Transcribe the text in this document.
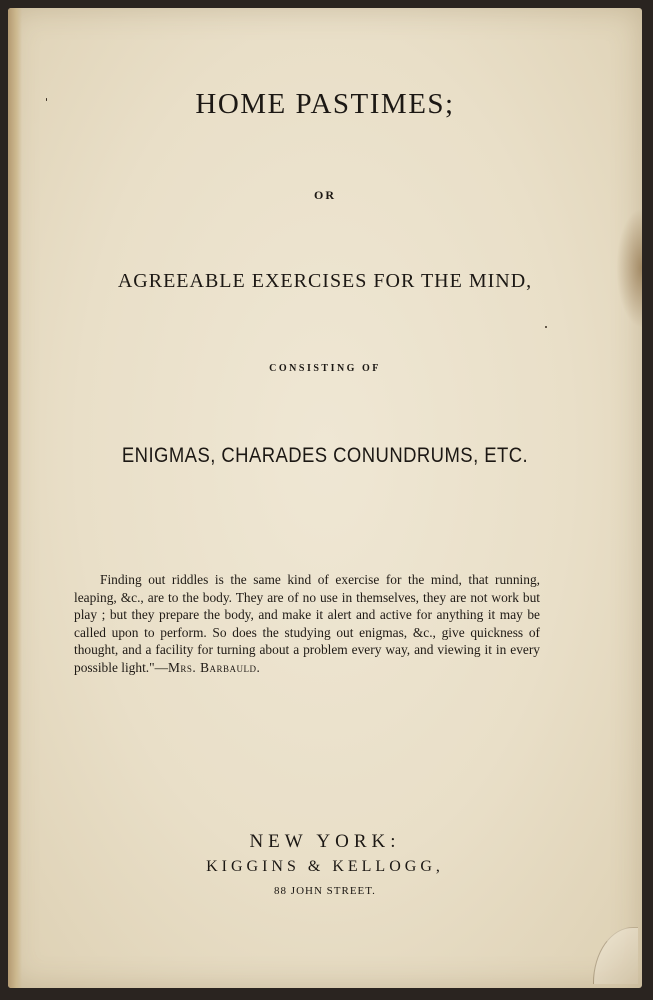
HOME PASTIMES;
OR
AGREEABLE EXERCISES FOR THE MIND,
CONSISTING OF
ENIGMAS, CHARADES CONUNDRUMS, ETC.

Finding out riddles is the same kind of exercise for the mind, that running, leaping, &c., are to the body. They are of no use in themselves, they are not work but play ; but they prepare the body, and make it alert and active for anything it may be called upon to perform. So does the studying out enigmas, &c., give quickness of thought, and a facility for turning about a problem every way, and viewing it in every possible light."—Mrs. Barbauld.

NEW YORK:
KIGGINS & KELLOGG,
88 JOHN STREET.
